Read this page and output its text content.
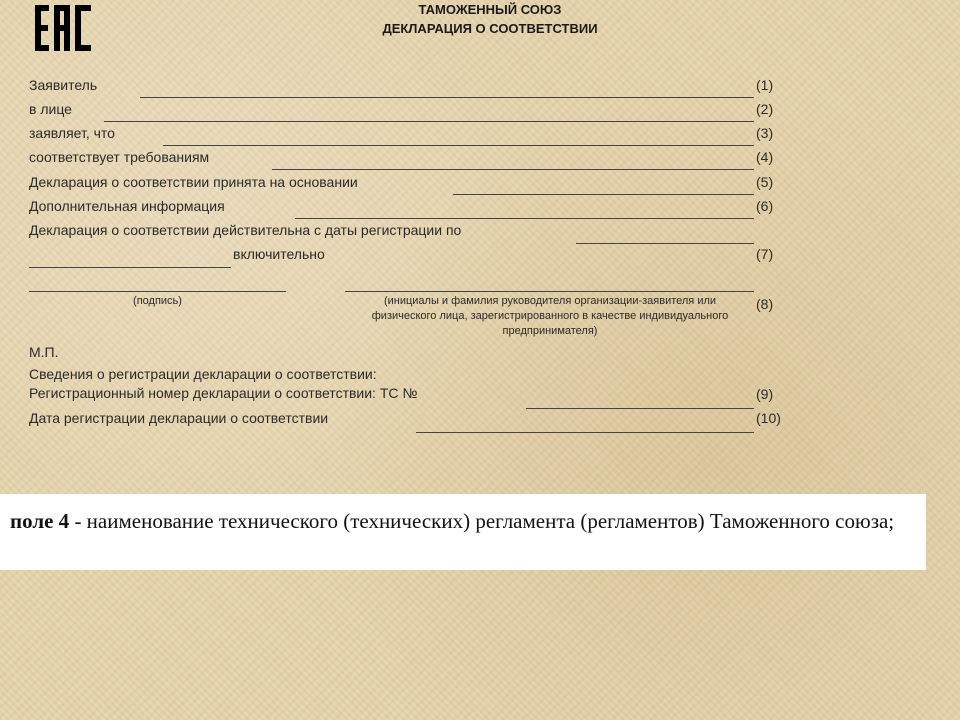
ТАМОЖЕННЫЙ СОЮЗ
ДЕКЛАРАЦИЯ О СООТВЕТСТВИИ
Заявитель	(1)
в лице	(2)
заявляет, что	(3)
соответствует требованиям	(4)
Декларация о соответствии принята на основании	(5)
Дополнительная информация	(6)
Декларация о соответствии действительна с даты регистрации по
включительно	(7)
(подпись)	(инициалы и фамилия руководителя организации-заявителя или физического лица, зарегистрированного в качестве индивидуального предпринимателя)
(8)
М.П.
Сведения о регистрации декларации о соответствии:
Регистрационный номер декларации о соответствии: ТС №	(9)
Дата регистрации декларации о соответствии	(10)
поле 4 - наименование технического (технических) регламента (регламентов) Таможенного союза;
